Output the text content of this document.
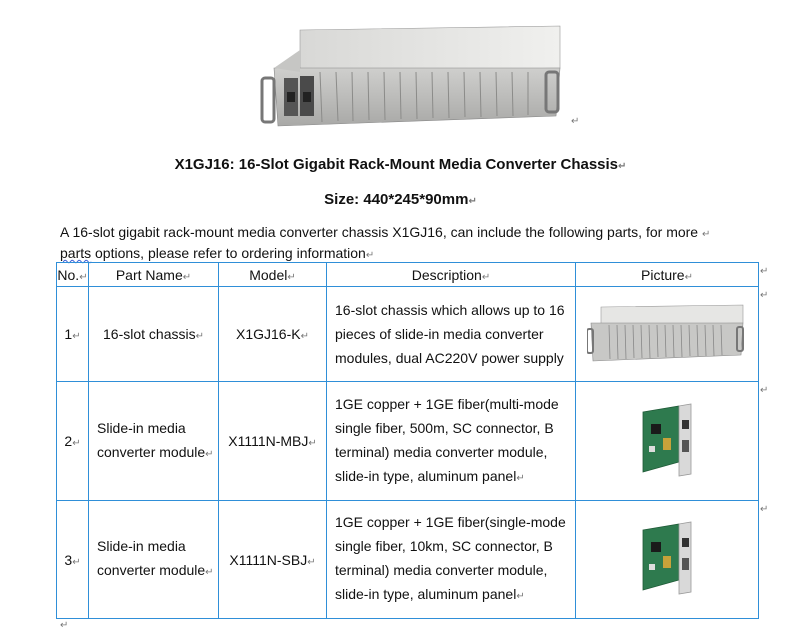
↵
X1GJ16: 16-Slot Gigabit Rack-Mount Media Converter Chassis↵
Size: 440*245*90mm↵
A 16-slot gigabit rack-mount media converter chassis X1GJ16, can include the following parts, for more ↵
parts options, please refer to ordering information↵
No.↵	Part Name↵	Model↵	Description↵	Picture↵
1↵	16-slot chassis↵	X1GJ16-K↵	16-slot chassis which allows up to 16 pieces of slide-in media converter modules, dual AC220V power supply	
2↵	Slide-in media converter module↵	X1111N-MBJ↵	1GE copper + 1GE fiber(multi-mode single fiber, 500m, SC connector, B terminal) media converter module, slide-in type, aluminum panel↵	
3↵	Slide-in media converter module↵	X1111N-SBJ↵	1GE copper + 1GE fiber(single-mode single fiber, 10km, SC connector, B terminal) media converter module, slide-in type, aluminum panel↵	
↵
↵
↵
↵
↵
